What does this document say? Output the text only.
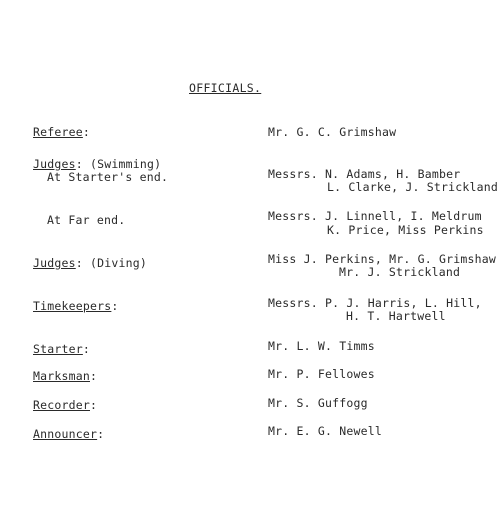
OFFICIALS.
Referee:	Mr. G. C. Grimshaw
Judges: (Swimming)
At Starter's end.	Messrs. N. Adams, H. Bamber
L. Clarke, J. Strickland
At Far end.	Messrs. J. Linnell, I. Meldrum
K. Price, Miss Perkins
Judges: (Diving)	Miss J. Perkins, Mr. G. Grimshaw
Mr. J. Strickland
Timekeepers:	Messrs. P. J. Harris, L. Hill,
H. T. Hartwell
Starter:	Mr. L. W. Timms
Marksman:	Mr. P. Fellowes
Recorder:	Mr. S. Guffogg
Announcer:	Mr. E. G. Newell
